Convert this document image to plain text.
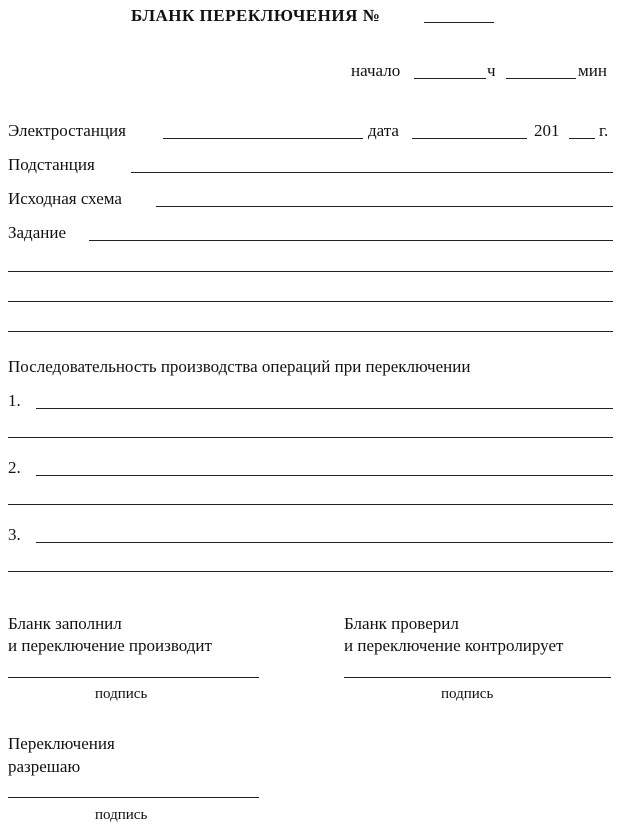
БЛАНК ПЕРЕКЛЮЧЕНИЯ №
начало	ч	мин
Электростанция	дата	201 г.
Подстанция
Исходная схема
Задание
Последовательность производства операций при переключении
1.
2.
3.
Бланк заполнил
и переключение производит
подпись
Бланк проверил
и переключение контролирует
подпись
Переключения
разрешаю
подпись
